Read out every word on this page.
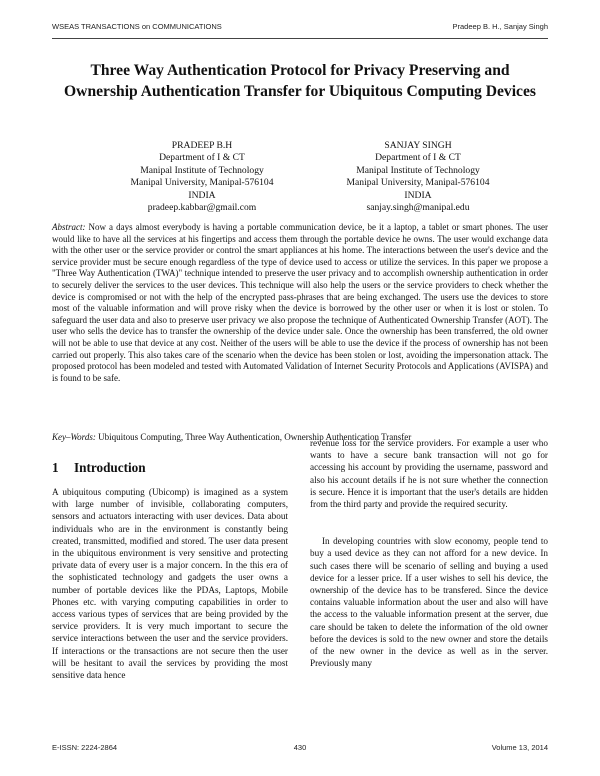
WSEAS TRANSACTIONS on COMMUNICATIONS	Pradeep B. H., Sanjay Singh
Three Way Authentication Protocol for Privacy Preserving and Ownership Authentication Transfer for Ubiquitous Computing Devices
PRADEEP B.H
Department of I & CT
Manipal Institute of Technology
Manipal University, Manipal-576104
INDIA
pradeep.kabbar@gmail.com
SANJAY SINGH
Department of I & CT
Manipal Institute of Technology
Manipal University, Manipal-576104
INDIA
sanjay.singh@manipal.edu
Abstract: Now a days almost everybody is having a portable communication device, be it a laptop, a tablet or smart phones. The user would like to have all the services at his fingertips and access them through the portable device he owns. The user would exchange data with the other user or the service provider or control the smart appliances at his home. The interactions between the user's device and the service provider must be secure enough regardless of the type of device used to access or utilize the services. In this paper we propose a "Three Way Authentication (TWA)" technique intended to preserve the user privacy and to accomplish ownership authentication in order to securely deliver the services to the user devices. This technique will also help the users or the service providers to check whether the device is compromised or not with the help of the encrypted pass-phrases that are being exchanged. The users use the devices to store most of the valuable information and will prove risky when the device is borrowed by the other user or when it is lost or stolen. To safeguard the user data and also to preserve user privacy we also propose the technique of Authenticated Ownership Transfer (AOT). The user who sells the device has to transfer the ownership of the device under sale. Once the ownership has been transferred, the old owner will not be able to use that device at any cost. Neither of the users will be able to use the device if the process of ownership has not been carried out properly. This also takes care of the scenario when the device has been stolen or lost, avoiding the impersonation attack. The proposed protocol has been modeled and tested with Automated Validation of Internet Security Protocols and Applications (AVISPA) and is found to be safe.
Key–Words: Ubiquitous Computing, Three Way Authentication, Ownership Authentication Transfer
1 Introduction

A ubiquitous computing (Ubicomp) is imagined as a system with large number of invisible, collaborating computers, sensors and actuators interacting with user devices. Data about individuals who are in the environment is constantly being created, transmitted, modified and stored. The user data present in the ubiquitous environment is very sensitive and protecting private data of every user is a major concern. In the this era of the sophisticated technology and gadgets the user owns a number of portable devices like the PDAs, Laptops, Mobile Phones etc. with varying computing capabilities in order to access various types of services that are being provided by the service providers. It is very much important to secure the service interactions between the user and the service providers. If interactions or the transactions are not secure then the user will be hesitant to avail the services by providing the most sensitive data hence

revenue loss for the service providers. For example a user who wants to have a secure bank transaction will not go for accessing his account by providing the username, password and also his account details if he is not sure whether the connection is secure. Hence it is important that the user's details are hidden from the third party and provide the required security.

In developing countries with slow economy, people tend to buy a used device as they can not afford for a new device. In such cases there will be scenario of selling and buying a used device for a lesser price. If a user wishes to sell his device, the ownership of the device has to be transfered. Since the device contains valuable information about the user and also will have the access to the valuable information present at the server, due care should be taken to delete the information of the old owner before the devices is sold to the new owner and store the details of the new owner in the device as well as in the server. Previously many

E-ISSN: 2224-2864	430	Volume 13, 2014
